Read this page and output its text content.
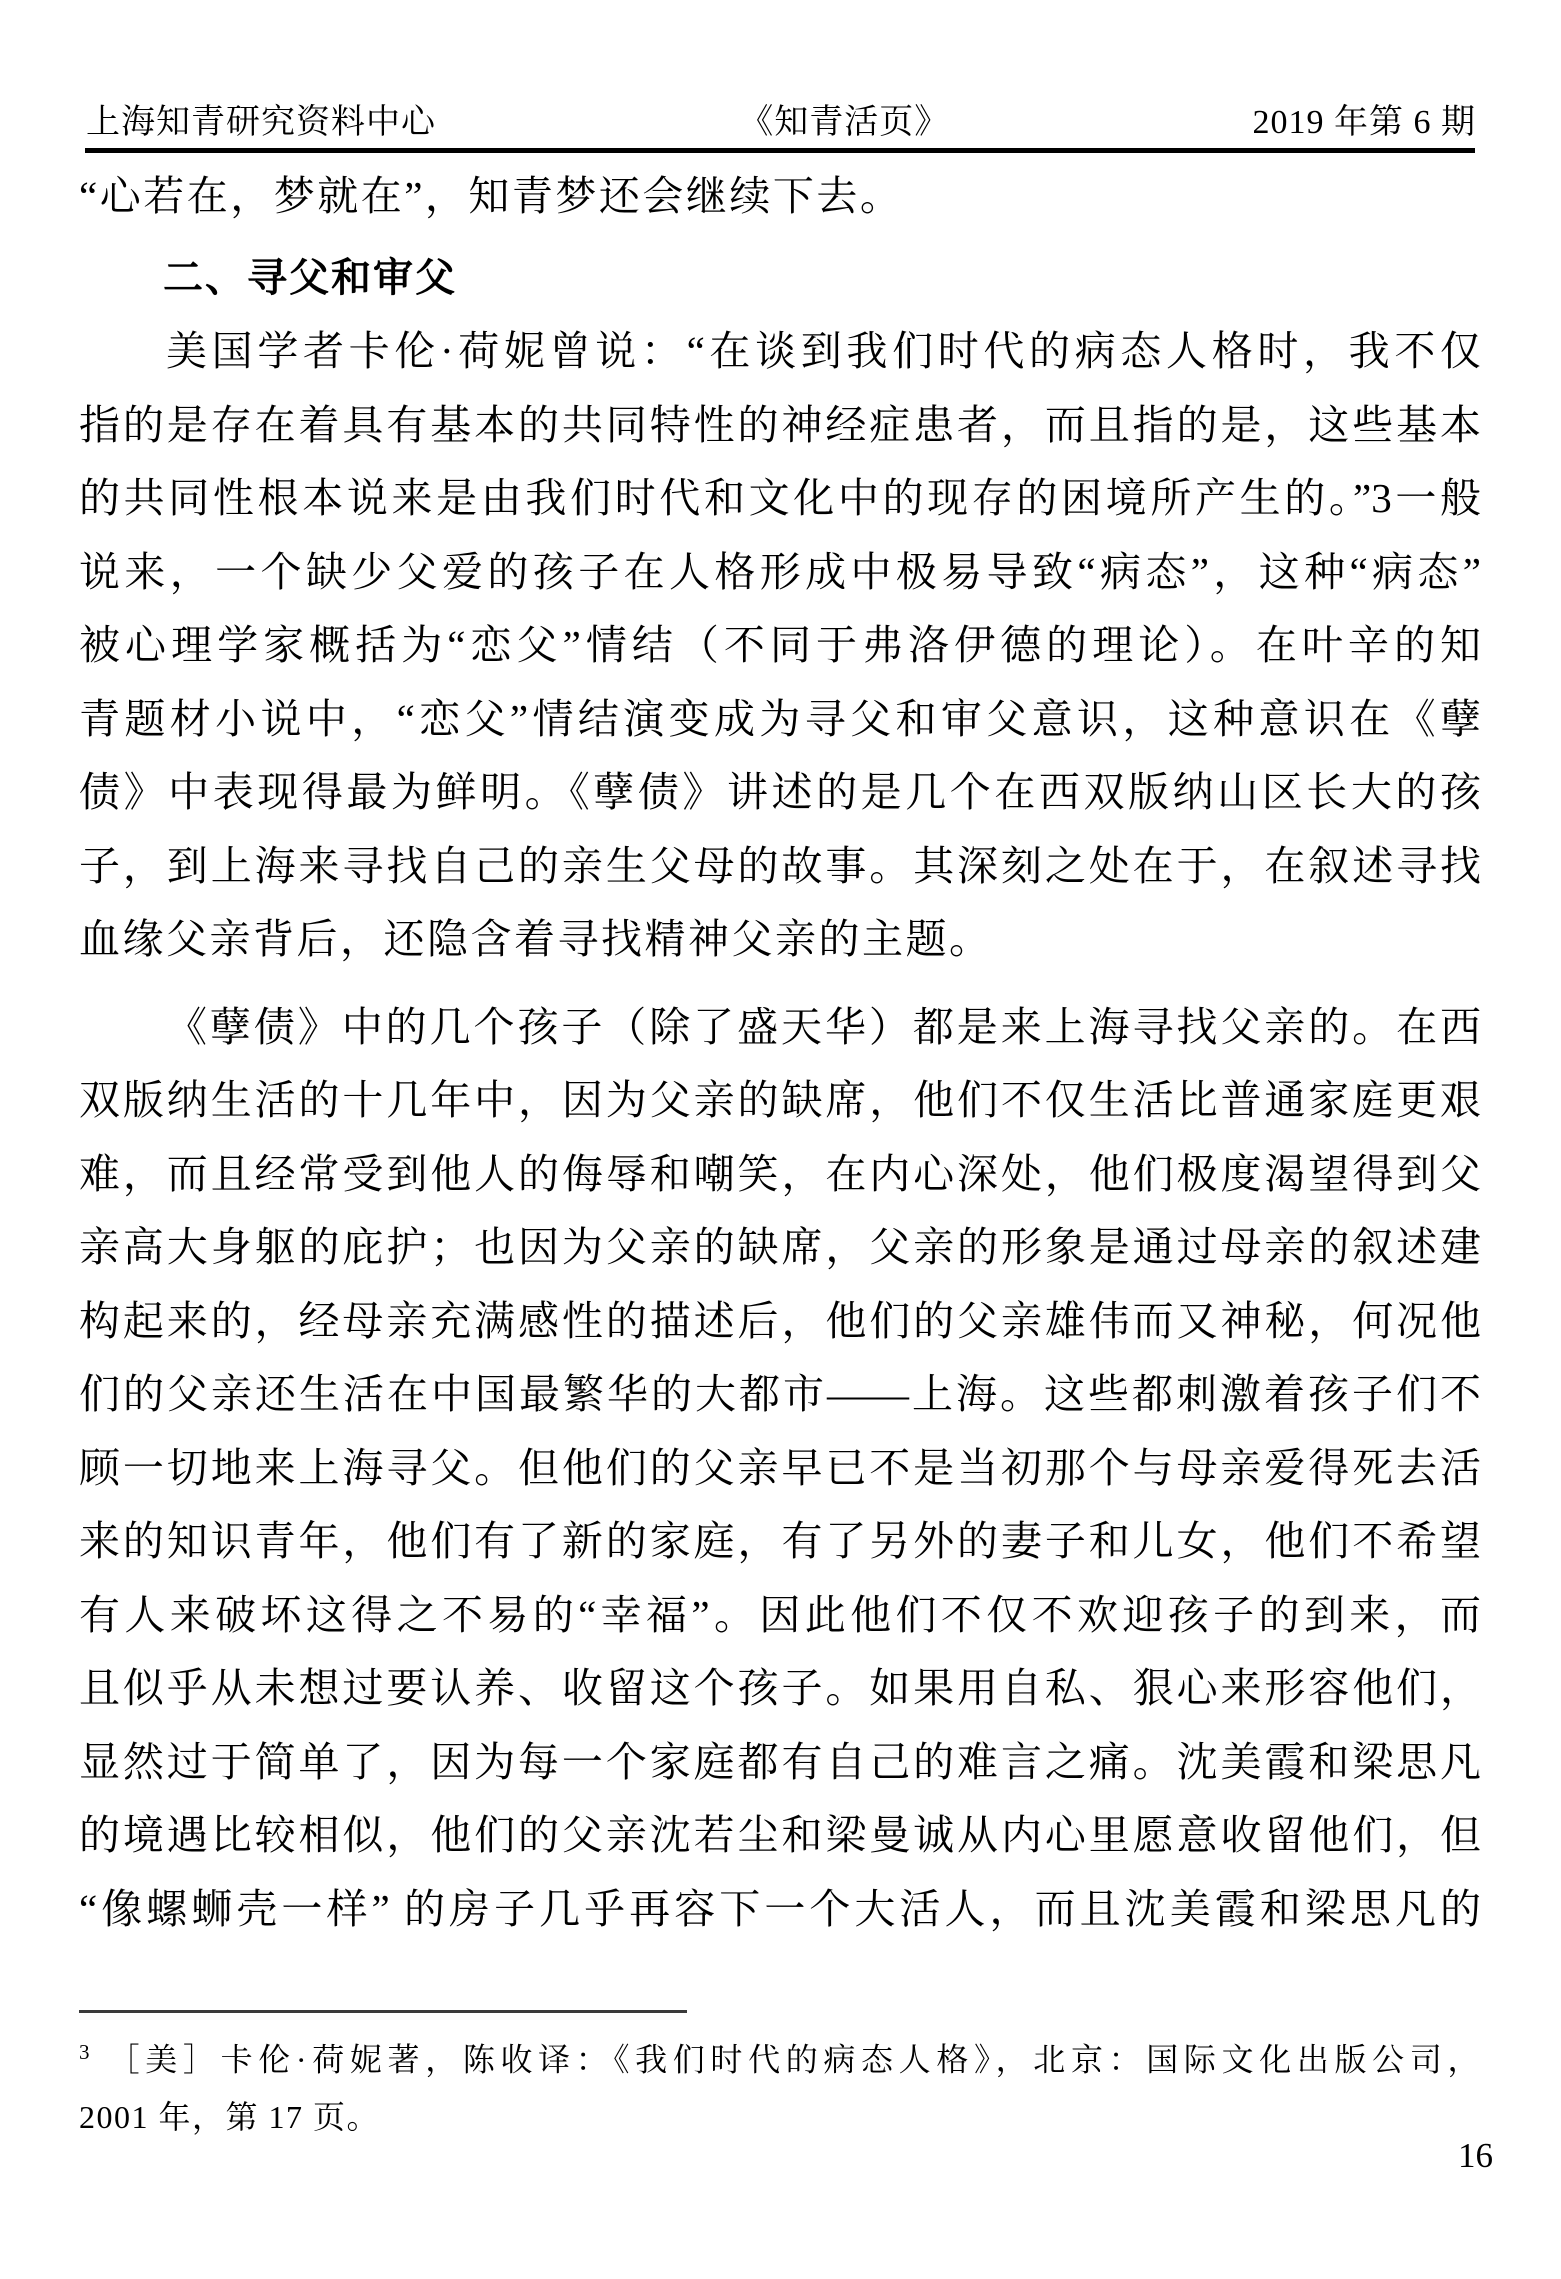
上海知青研究资料中心	《知青活页》	2019 年第 6 期
“心若在，梦就在”，知青梦还会继续下去。
二、寻父和审父
美国学者卡伦·荷妮曾说：“在谈到我们时代的病态人格时，我不仅
指的是存在着具有基本的共同特性的神经症患者，而且指的是，这些基本
的共同性根本说来是由我们时代和文化中的现存的困境所产生的。”3一般
说来，一个缺少父爱的孩子在人格形成中极易导致“病态”，这种“病态”
被心理学家概括为“恋父”情结（不同于弗洛伊德的理论）。在叶辛的知
青题材小说中，“恋父”情结演变成为寻父和审父意识，这种意识在《孽
债》中表现得最为鲜明。《孽债》讲述的是几个在西双版纳山区长大的孩
子，到上海来寻找自己的亲生父母的故事。其深刻之处在于，在叙述寻找
血缘父亲背后，还隐含着寻找精神父亲的主题。
《孽债》中的几个孩子（除了盛天华）都是来上海寻找父亲的。在西
双版纳生活的十几年中，因为父亲的缺席，他们不仅生活比普通家庭更艰
难，而且经常受到他人的侮辱和嘲笑，在内心深处，他们极度渴望得到父
亲高大身躯的庇护；也因为父亲的缺席，父亲的形象是通过母亲的叙述建
构起来的，经母亲充满感性的描述后，他们的父亲雄伟而又神秘，何况他
们的父亲还生活在中国最繁华的大都市——上海。这些都刺激着孩子们不
顾一切地来上海寻父。但他们的父亲早已不是当初那个与母亲爱得死去活
来的知识青年，他们有了新的家庭，有了另外的妻子和儿女，他们不希望
有人来破坏这得之不易的“幸福”。因此他们不仅不欢迎孩子的到来，而
且似乎从未想过要认养、收留这个孩子。如果用自私、狠心来形容他们，
显然过于简单了，因为每一个家庭都有自己的难言之痛。沈美霞和梁思凡
的境遇比较相似，他们的父亲沈若尘和梁曼诚从内心里愿意收留他们，但
“像螺蛳壳一样” 的房子几乎再容下一个大活人，而且沈美霞和梁思凡的
$^3$ ［美］卡伦·荷妮著，陈收译：《我们时代的病态人格》，北京：国际文化出版公司，
2001 年，第 17 页。
16
